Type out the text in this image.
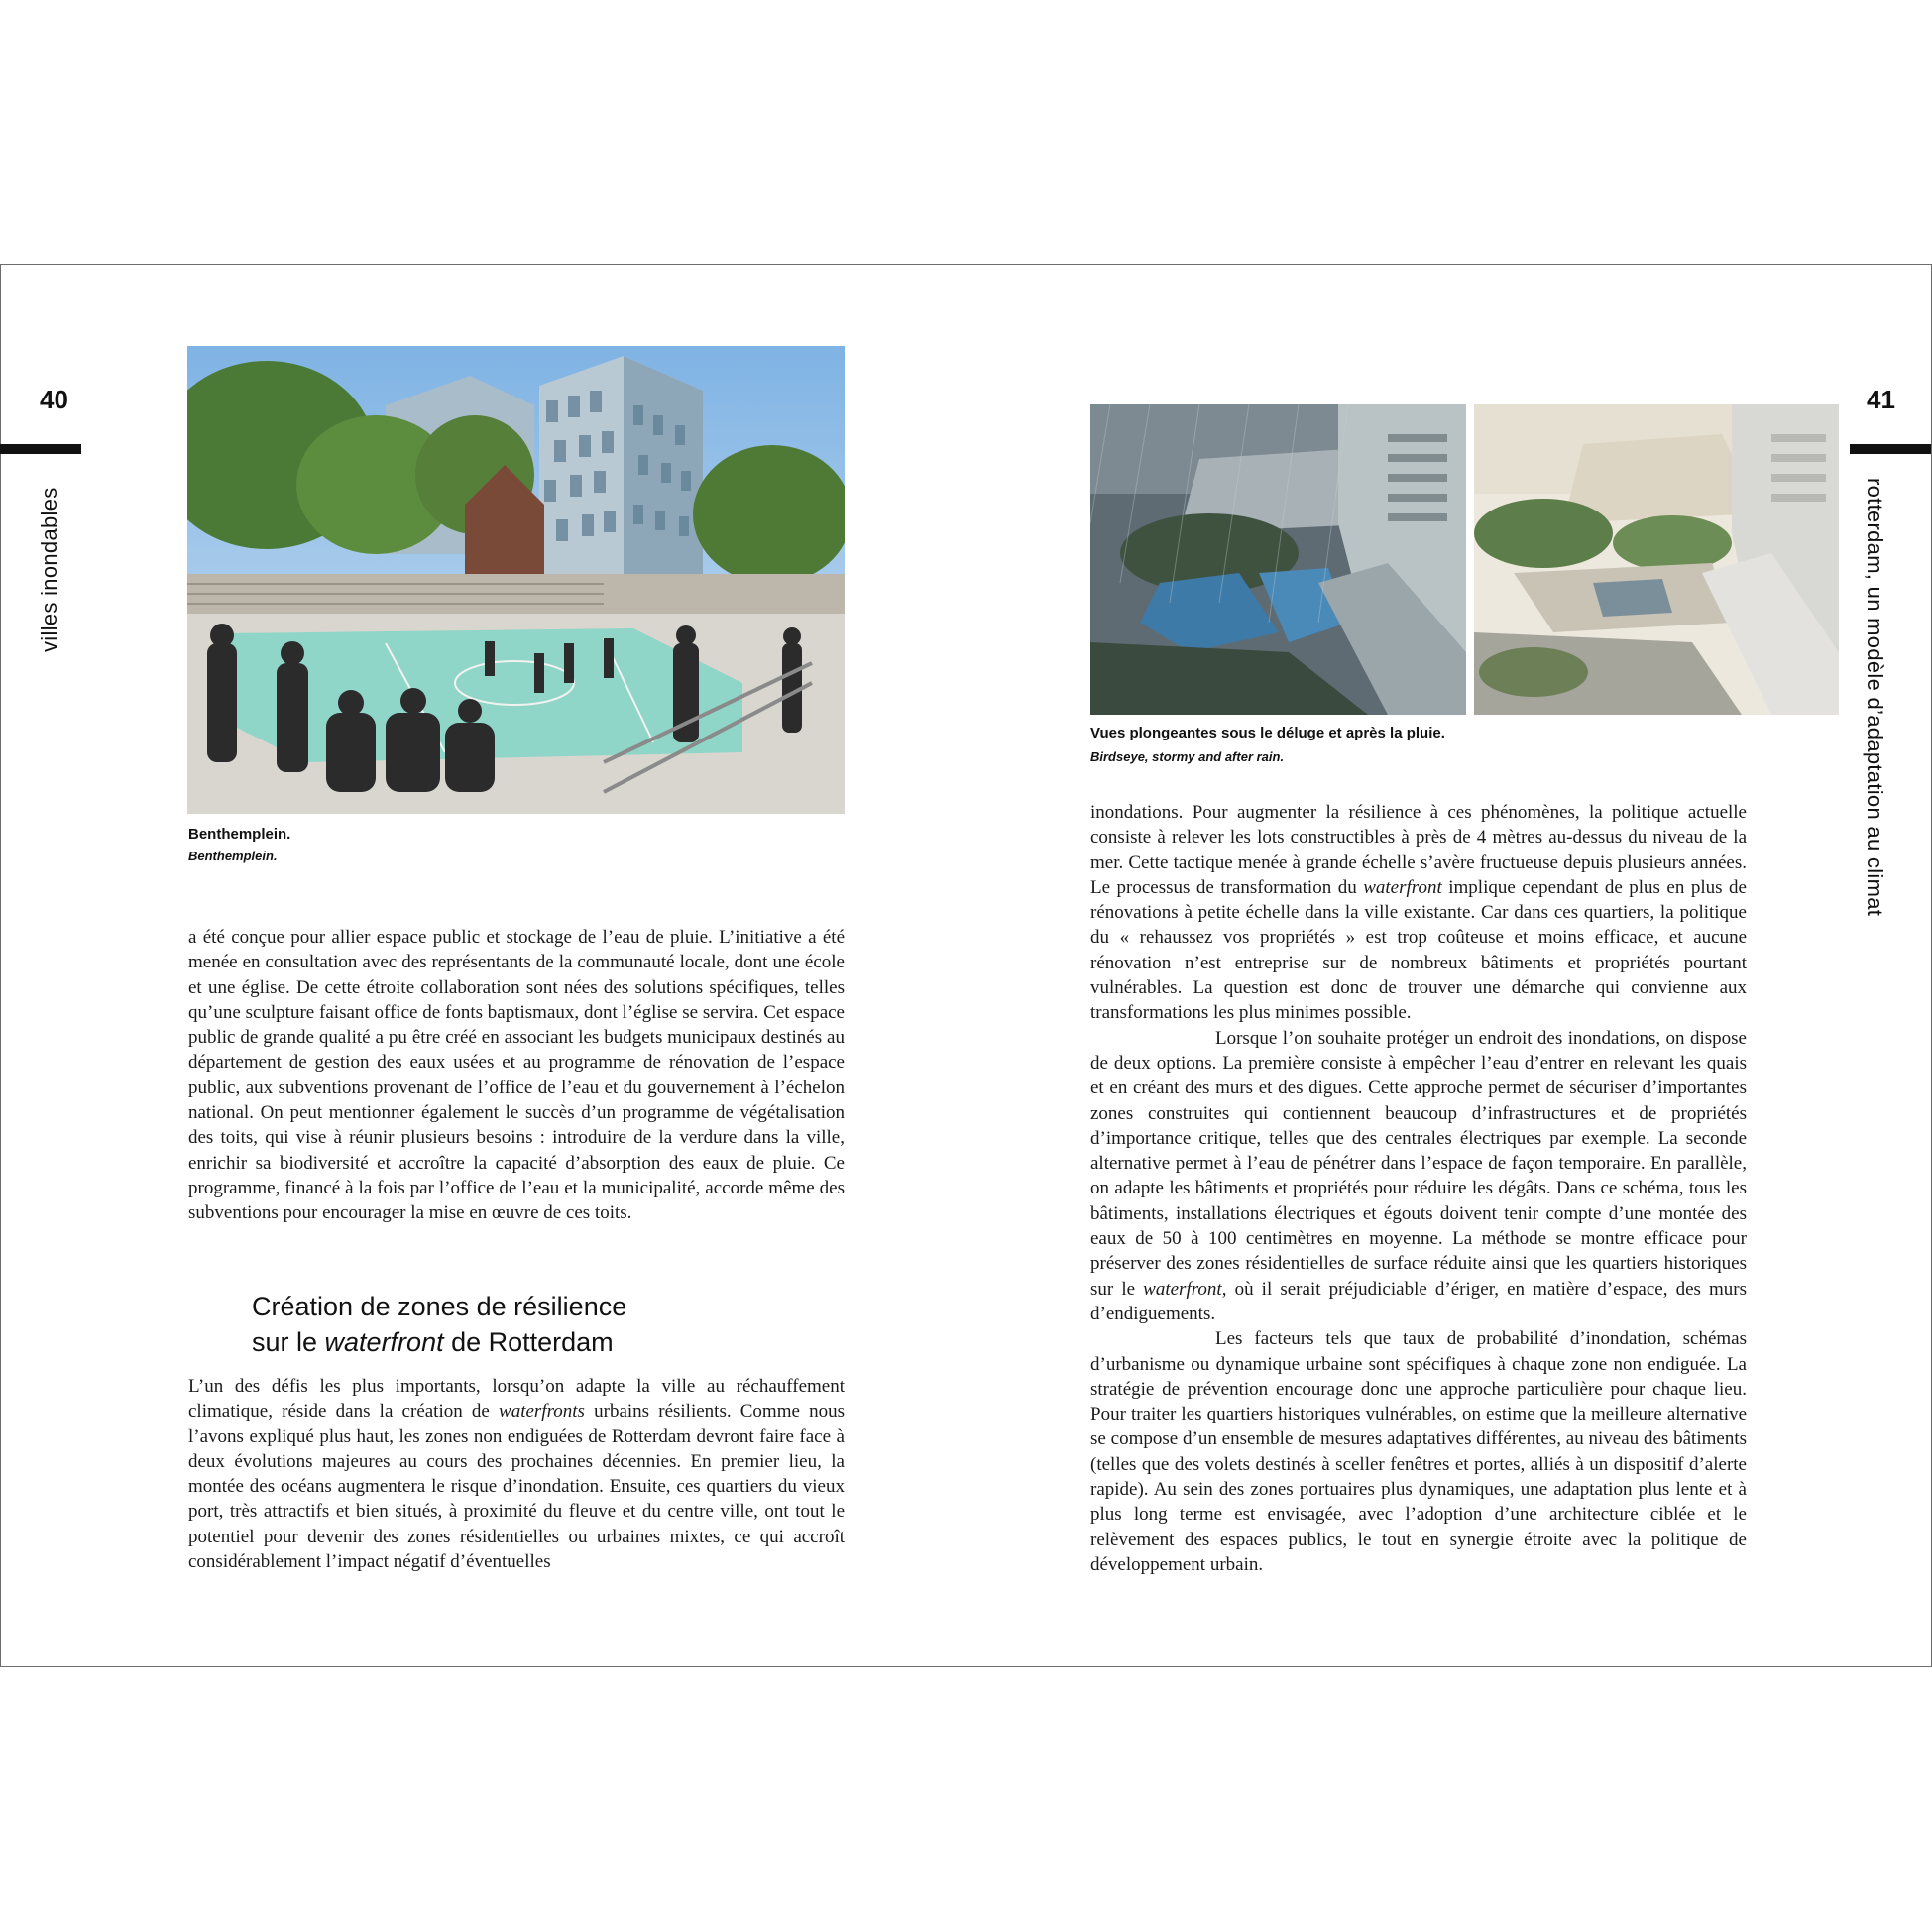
40
villes inondables
Benthemplein.
Benthemplein.

a été conçue pour allier espace public et stockage de l’eau de pluie. L’initiative a été menée en consultation avec des représentants de la communauté locale, dont une école et une église. De cette étroite collaboration sont nées des solutions spécifiques, telles qu’une sculpture faisant office de fonts baptismaux, dont l’église se servira. Cet espace public de grande qualité a pu être créé en associant les budgets municipaux destinés au département de gestion des eaux usées et au programme de rénovation de l’espace public, aux subventions provenant de l’office de l’eau et du gouvernement à l’échelon national. On peut mentionner également le succès d’un programme de végétalisation des toits, qui vise à réunir plusieurs besoins : introduire de la verdure dans la ville, enrichir sa biodiversité et accroître la capacité d’absorption des eaux de pluie. Ce programme, financé à la fois par l’office de l’eau et la municipalité, accorde même des subventions pour encourager la mise en œuvre de ces toits.

Création de zones de résilience
sur le waterfront de Rotterdam

L’un des défis les plus importants, lorsqu’on adapte la ville au réchauffement climatique, réside dans la création de waterfronts urbains résilients. Comme nous l’avons expliqué plus haut, les zones non endiguées de Rotterdam devront faire face à deux évolutions majeures au cours des prochaines décennies. En premier lieu, la montée des océans augmentera le risque d’inondation. Ensuite, ces quartiers du vieux port, très attractifs et bien situés, à proximité du fleuve et du centre ville, ont tout le potentiel pour devenir des zones résidentielles ou urbaines mixtes, ce qui accroît considérablement l’impact négatif d’éventuelles

41
rotterdam, un modèle d’adaptation au climat
Vues plongeantes sous le déluge et après la pluie.
Birdseye, stormy and after rain.

inondations. Pour augmenter la résilience à ces phénomènes, la politique actuelle consiste à relever les lots constructibles à près de 4 mètres au-dessus du niveau de la mer. Cette tactique menée à grande échelle s’avère fructueuse depuis plusieurs années. Le processus de transformation du waterfront implique cependant de plus en plus de rénovations à petite échelle dans la ville existante. Car dans ces quartiers, la politique du « rehaussez vos propriétés » est trop coûteuse et moins efficace, et aucune rénovation n’est entreprise sur de nombreux bâtiments et propriétés pourtant vulnérables. La question est donc de trouver une démarche qui convienne aux transformations les plus minimes possible.

Lorsque l’on souhaite protéger un endroit des inondations, on dispose de deux options. La première consiste à empêcher l’eau d’entrer en relevant les quais et en créant des murs et des digues. Cette approche permet de sécuriser d’importantes zones construites qui contiennent beaucoup d’infrastructures et de propriétés d’importance critique, telles que des centrales électriques par exemple. La seconde alternative permet à l’eau de pénétrer dans l’espace de façon temporaire. En parallèle, on adapte les bâtiments et propriétés pour réduire les dégâts. Dans ce schéma, tous les bâtiments, installations électriques et égouts doivent tenir compte d’une montée des eaux de 50 à 100 centimètres en moyenne. La méthode se montre efficace pour préserver des zones résidentielles de surface réduite ainsi que les quartiers historiques sur le waterfront, où il serait préjudiciable d’ériger, en matière d’espace, des murs d’endiguements.

Les facteurs tels que taux de probabilité d’inondation, schémas d’urbanisme ou dynamique urbaine sont spécifiques à chaque zone non endiguée. La stratégie de prévention encourage donc une approche particulière pour chaque lieu. Pour traiter les quartiers historiques vulnérables, on estime que la meilleure alternative se compose d’un ensemble de mesures adaptatives différentes, au niveau des bâtiments (telles que des volets destinés à sceller fenêtres et portes, alliés à un dispositif d’alerte rapide). Au sein des zones portuaires plus dynamiques, une adaptation plus lente et à plus long terme est envisagée, avec l’adoption d’une architecture ciblée et le relèvement des espaces publics, le tout en synergie étroite avec la politique de développement urbain.
